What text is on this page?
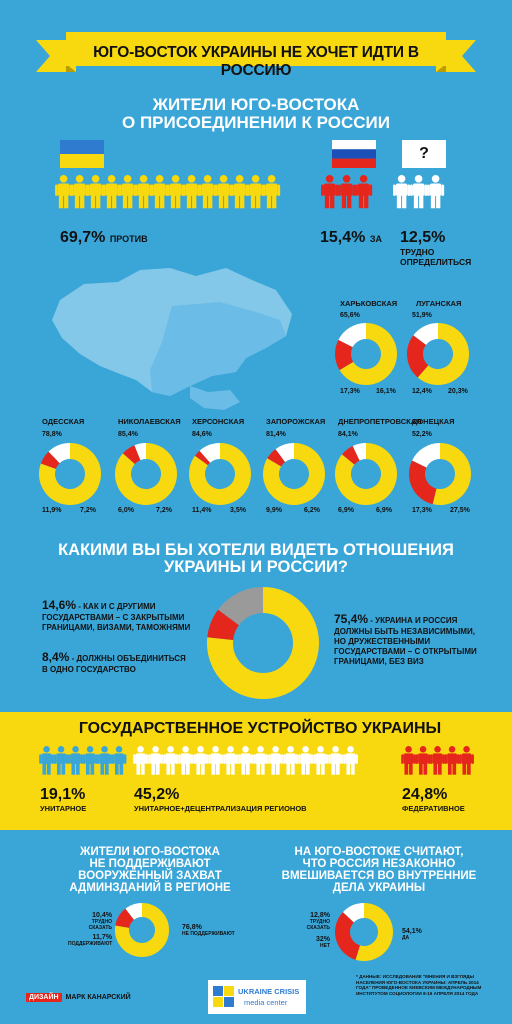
ЮГО-ВОСТОК УКРАИНЫ НЕ ХОЧЕТ ИДТИ В РОССИЮ
ЖИТЕЛИ ЮГО-ВОСТОКА
О ПРИСОЕДИНЕНИИ К РОССИИ
?
69,7% ПРОТИВ	15,4% ЗА 12,5%
ТРУДНО
ОПРЕДЕЛИТЬСЯ
ХАРЬКОВСКАЯ
65,6%
17,3% 16,1%
ЛУГАНСКАЯ
51,9%
12,4% 20,3%
ОДЕССКАЯ
78,8%
11,9%	7,2%
НИКОЛАЕВСКАЯ
85,4%
6,0%	7,2%
ХЕРСОНСКАЯ
84,6%
11,4%	3,5%
ЗАПОРОЖСКАЯ
81,4%
9,9%	6,2%
ДНЕПРОПЕТРОВСКАЯ
84,1%
6,9%	6,9%
ДОНЕЦКАЯ
52,2%
17,3%	27,5%
КАКИМИ ВЫ БЫ ХОТЕЛИ ВИДЕТЬ ОТНОШЕНИЯ
УКРАИНЫ И РОССИИ?
14,6% - КАК И С ДРУГИМИ
ГОСУДАРСТВАМИ – С ЗАКРЫТЫМИ
ГРАНИЦАМИ, ВИЗАМИ, ТАМОЖНЯМИ
8,4% - ДОЛЖНЫ ОБЪЕДИНИТЬСЯ
В ОДНО ГОСУДАРСТВО
75,4% - УКРАИНА И РОССИЯ
ДОЛЖНЫ БЫТЬ НЕЗАВИСИМЫМИ,
НО ДРУЖЕСТВЕННЫМИ
ГОСУДАРСТВАМИ – С ОТКРЫТЫМИ
ГРАНИЦАМИ, БЕЗ ВИЗ
ГОСУДАРСТВЕННОЕ УСТРОЙСТВО УКРАИНЫ
19,1%
УНИТАРНОЕ
45,2%
УНИТАРНОЕ+ДЕЦЕНТРАЛИЗАЦИЯ РЕГИОНОВ
24,8%
ФЕДЕРАТИВНОЕ
ЖИТЕЛИ ЮГО-ВОСТОКА
НЕ ПОДДЕРЖИВАЮТ
ВООРУЖЕННЫЙ ЗАХВАТ
АДМИНЗДАНИЙ В РЕГИОНЕ
10,4%
ТРУДНО СКАЗАТЬ
11,7%
ПОДДЕРЖИВАЮТ
76,8%
НЕ ПОДДЕРЖИВАЮТ
НА ЮГО-ВОСТОКЕ СЧИТАЮТ,
ЧТО РОССИЯ НЕЗАКОННО
ВМЕШИВАЕТСЯ ВО ВНУТРЕННИЕ
ДЕЛА УКРАИНЫ
12,8%
ТРУДНО СКАЗАТЬ
32%
НЕТ
54,1%
ДА
ДИЗАЙН МАРК КАНАРСКИЙ
UKRAINE CRISIS
media center
* ДАННЫЕ: ИССЛЕДОВАНИЕ "МНЕНИЯ И ВЗГЛЯДЫ
НАСЕЛЕНИЯ ЮГО-ВОСТОКА УКРАИНЫ: АПРЕЛЬ 2014
ГОДА" ПРОВЕДЕННОЕ КИЕВСКИМ МЕЖДУНАРОДНЫМ
ИНСТИТУТОМ СОЦИОЛОГИИ 8-16 АПРЕЛЯ 2014 ГОДА
